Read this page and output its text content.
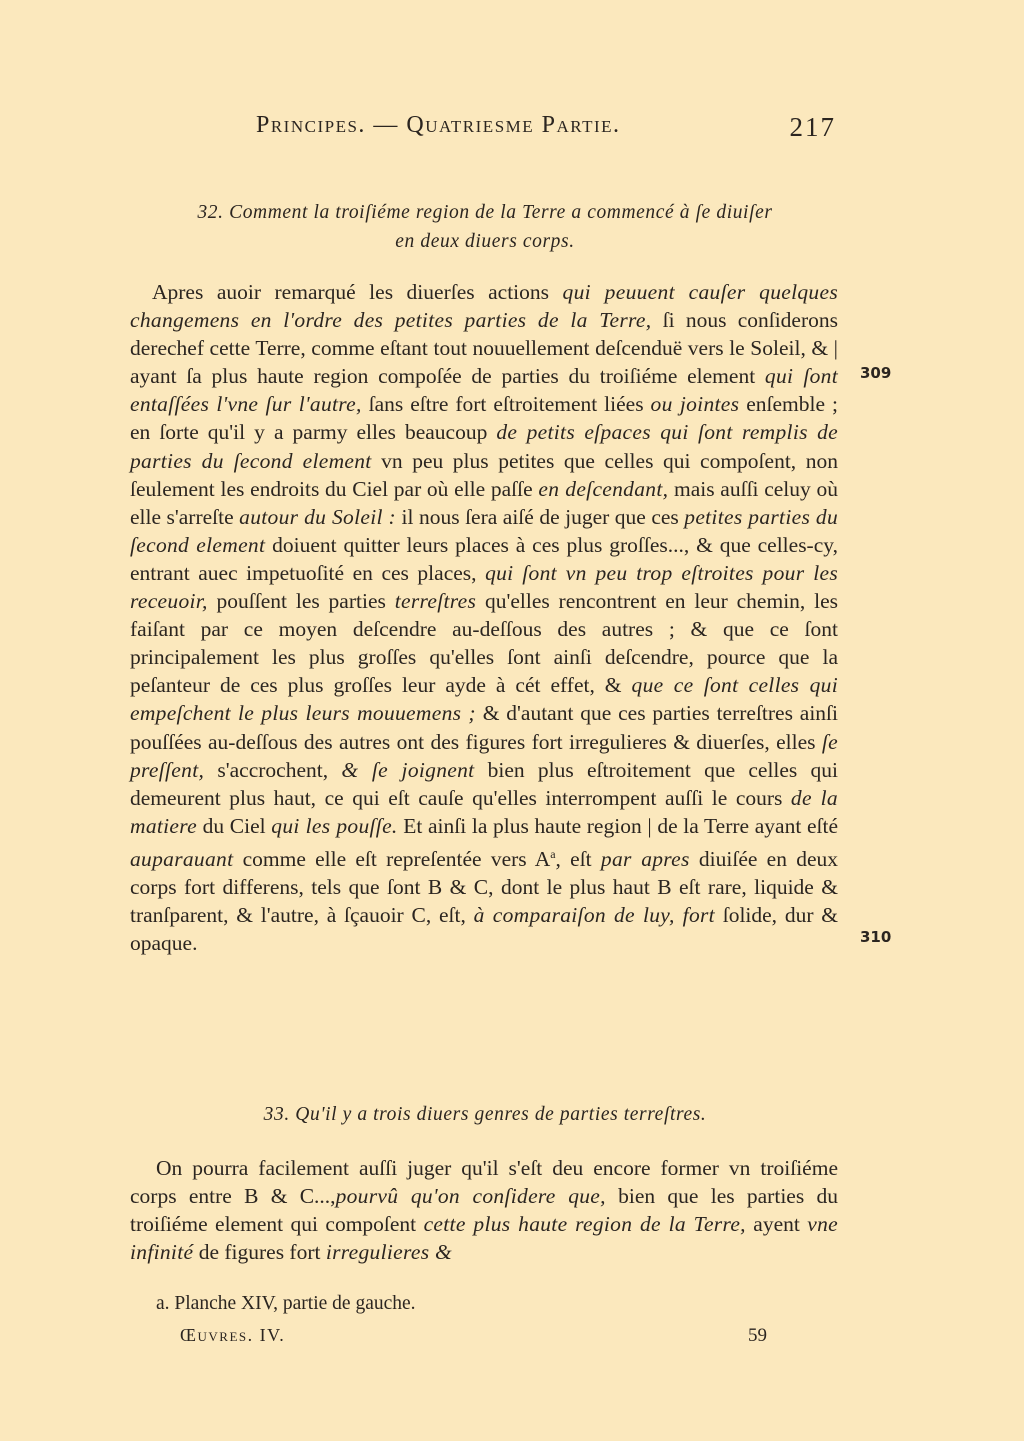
Principes. — Quatriesme Partie.	217
32. Comment la troiſiéme region de la Terre a commencé à ſe diuiſer
en deux diuers corps.
Apres auoir remarqué les diuerſes actions qui peuuent cauſer quelques changemens en l'ordre des petites parties de la Terre, ſi nous conſiderons derechef cette Terre, comme eſtant tout nouuellement deſcenduë vers le Soleil, & | ayant ſa plus haute region compoſée de parties du troiſiéme element qui ſont entaſſées l'vne ſur l'autre, ſans eſtre fort eſtroitement liées ou jointes enſemble ; en ſorte qu'il y a parmy elles beaucoup de petits eſpaces qui ſont remplis de parties du ſecond element vn peu plus petites que celles qui compoſent, non ſeulement les endroits du Ciel par où elle paſſe en deſcendant, mais auſſi celuy où elle s'arreſte autour du Soleil : il nous ſera aiſé de juger que ces petites parties du ſecond element doiuent quitter leurs places à ces plus groſſes..., & que celles-cy, entrant auec impetuoſité en ces places, qui ſont vn peu trop eſtroites pour les receuoir, pouſſent les parties terreſtres qu'elles rencontrent en leur chemin, les faiſant par ce moyen deſcendre au-deſſous des autres ; & que ce ſont principalement les plus groſſes qu'elles ſont ainſi deſcendre, pource que la peſanteur de ces plus groſſes leur ayde à cét effet, & que ce ſont celles qui empeſchent le plus leurs mouuemens ; & d'autant que ces parties terreſtres ainſi pouſſées au-deſſous des autres ont des figures fort irregulieres & diuerſes, elles ſe preſſent, s'accrochent, & ſe joignent bien plus eſtroitement que celles qui demeurent plus haut, ce qui eſt cauſe qu'elles interrompent auſſi le cours de la matiere du Ciel qui les pouſſe. Et ainſi la plus haute region | de la Terre ayant eſté auparauant comme elle eſt repreſentée vers $A^a$, eſt par apres diuiſée en deux corps fort differens, tels que ſont B & C, dont le plus haut B eſt rare, liquide & tranſparent, & l'autre, à ſçauoir C, eſt, à comparaiſon de luy, fort ſolide, dur & opaque.
309
310
33. Qu'il y a trois diuers genres de parties terreſtres.
On pourra facilement auſſi juger qu'il s'eſt deu encore former vn troiſiéme corps entre B & C...,pourvû qu'on conſidere que, bien que les parties du troiſiéme element qui compoſent cette plus haute region de la Terre, ayent vne infinité de figures fort irregulieres &
a. Planche XIV, partie de gauche.
Œuvres. IV.	59
